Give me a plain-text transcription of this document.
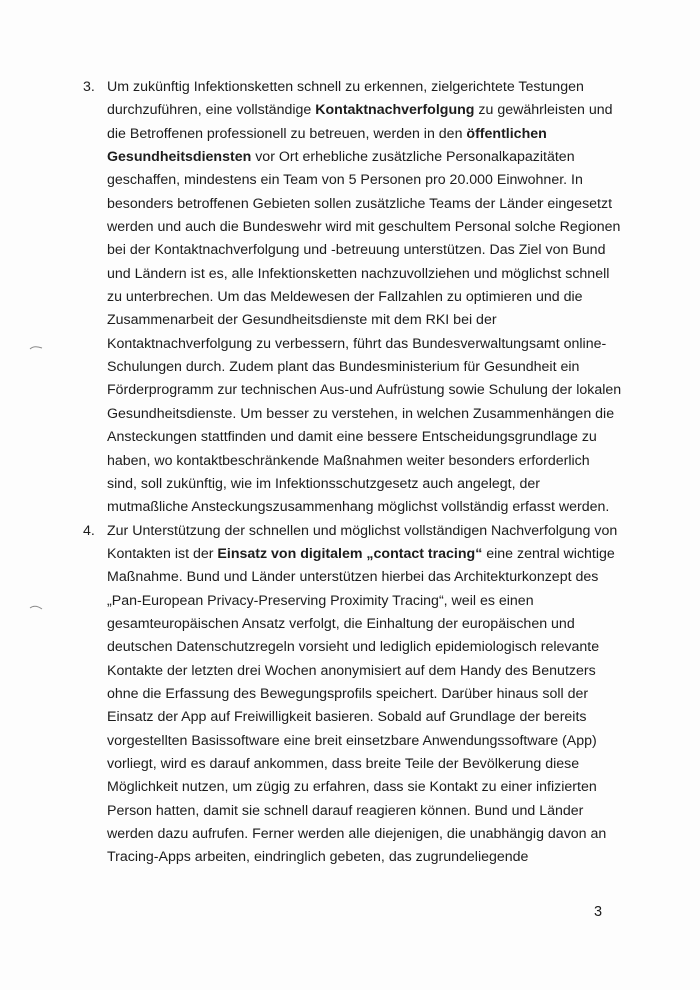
3. Um zukünftig Infektionsketten schnell zu erkennen, zielgerichtete Testungen durchzuführen, eine vollständige Kontaktnachverfolgung zu gewährleisten und die Betroffenen professionell zu betreuen, werden in den öffentlichen Gesundheitsdiensten vor Ort erhebliche zusätzliche Personalkapazitäten geschaffen, mindestens ein Team von 5 Personen pro 20.000 Einwohner. In besonders betroffenen Gebieten sollen zusätzliche Teams der Länder eingesetzt werden und auch die Bundeswehr wird mit geschultem Personal solche Regionen bei der Kontaktnachverfolgung und -betreuung unterstützen. Das Ziel von Bund und Ländern ist es, alle Infektionsketten nachzuvollziehen und möglichst schnell zu unterbrechen. Um das Meldewesen der Fallzahlen zu optimieren und die Zusammenarbeit der Gesundheitsdienste mit dem RKI bei der Kontaktnachverfolgung zu verbessern, führt das Bundesverwaltungsamt online-Schulungen durch. Zudem plant das Bundesministerium für Gesundheit ein Förderprogramm zur technischen Aus-und Aufrüstung sowie Schulung der lokalen Gesundheitsdienste. Um besser zu verstehen, in welchen Zusammenhängen die Ansteckungen stattfinden und damit eine bessere Entscheidungsgrundlage zu haben, wo kontaktbeschränkende Maßnahmen weiter besonders erforderlich sind, soll zukünftig, wie im Infektionsschutzgesetz auch angelegt, der mutmaßliche Ansteckungszusammenhang möglichst vollständig erfasst werden.

4. Zur Unterstützung der schnellen und möglichst vollständigen Nachverfolgung von Kontakten ist der Einsatz von digitalem „contact tracing“ eine zentral wichtige Maßnahme. Bund und Länder unterstützen hierbei das Architekturkonzept des „Pan-European Privacy-Preserving Proximity Tracing“, weil es einen gesamteuropäischen Ansatz verfolgt, die Einhaltung der europäischen und deutschen Datenschutzregeln vorsieht und lediglich epidemiologisch relevante Kontakte der letzten drei Wochen anonymisiert auf dem Handy des Benutzers ohne die Erfassung des Bewegungsprofils speichert. Darüber hinaus soll der Einsatz der App auf Freiwilligkeit basieren. Sobald auf Grundlage der bereits vorgestellten Basissoftware eine breit einsetzbare Anwendungssoftware (App) vorliegt, wird es darauf ankommen, dass breite Teile der Bevölkerung diese Möglichkeit nutzen, um zügig zu erfahren, dass sie Kontakt zu einer infizierten Person hatten, damit sie schnell darauf reagieren können. Bund und Länder werden dazu aufrufen. Ferner werden alle diejenigen, die unabhängig davon an Tracing-Apps arbeiten, eindringlich gebeten, das zugrundeliegende

3
